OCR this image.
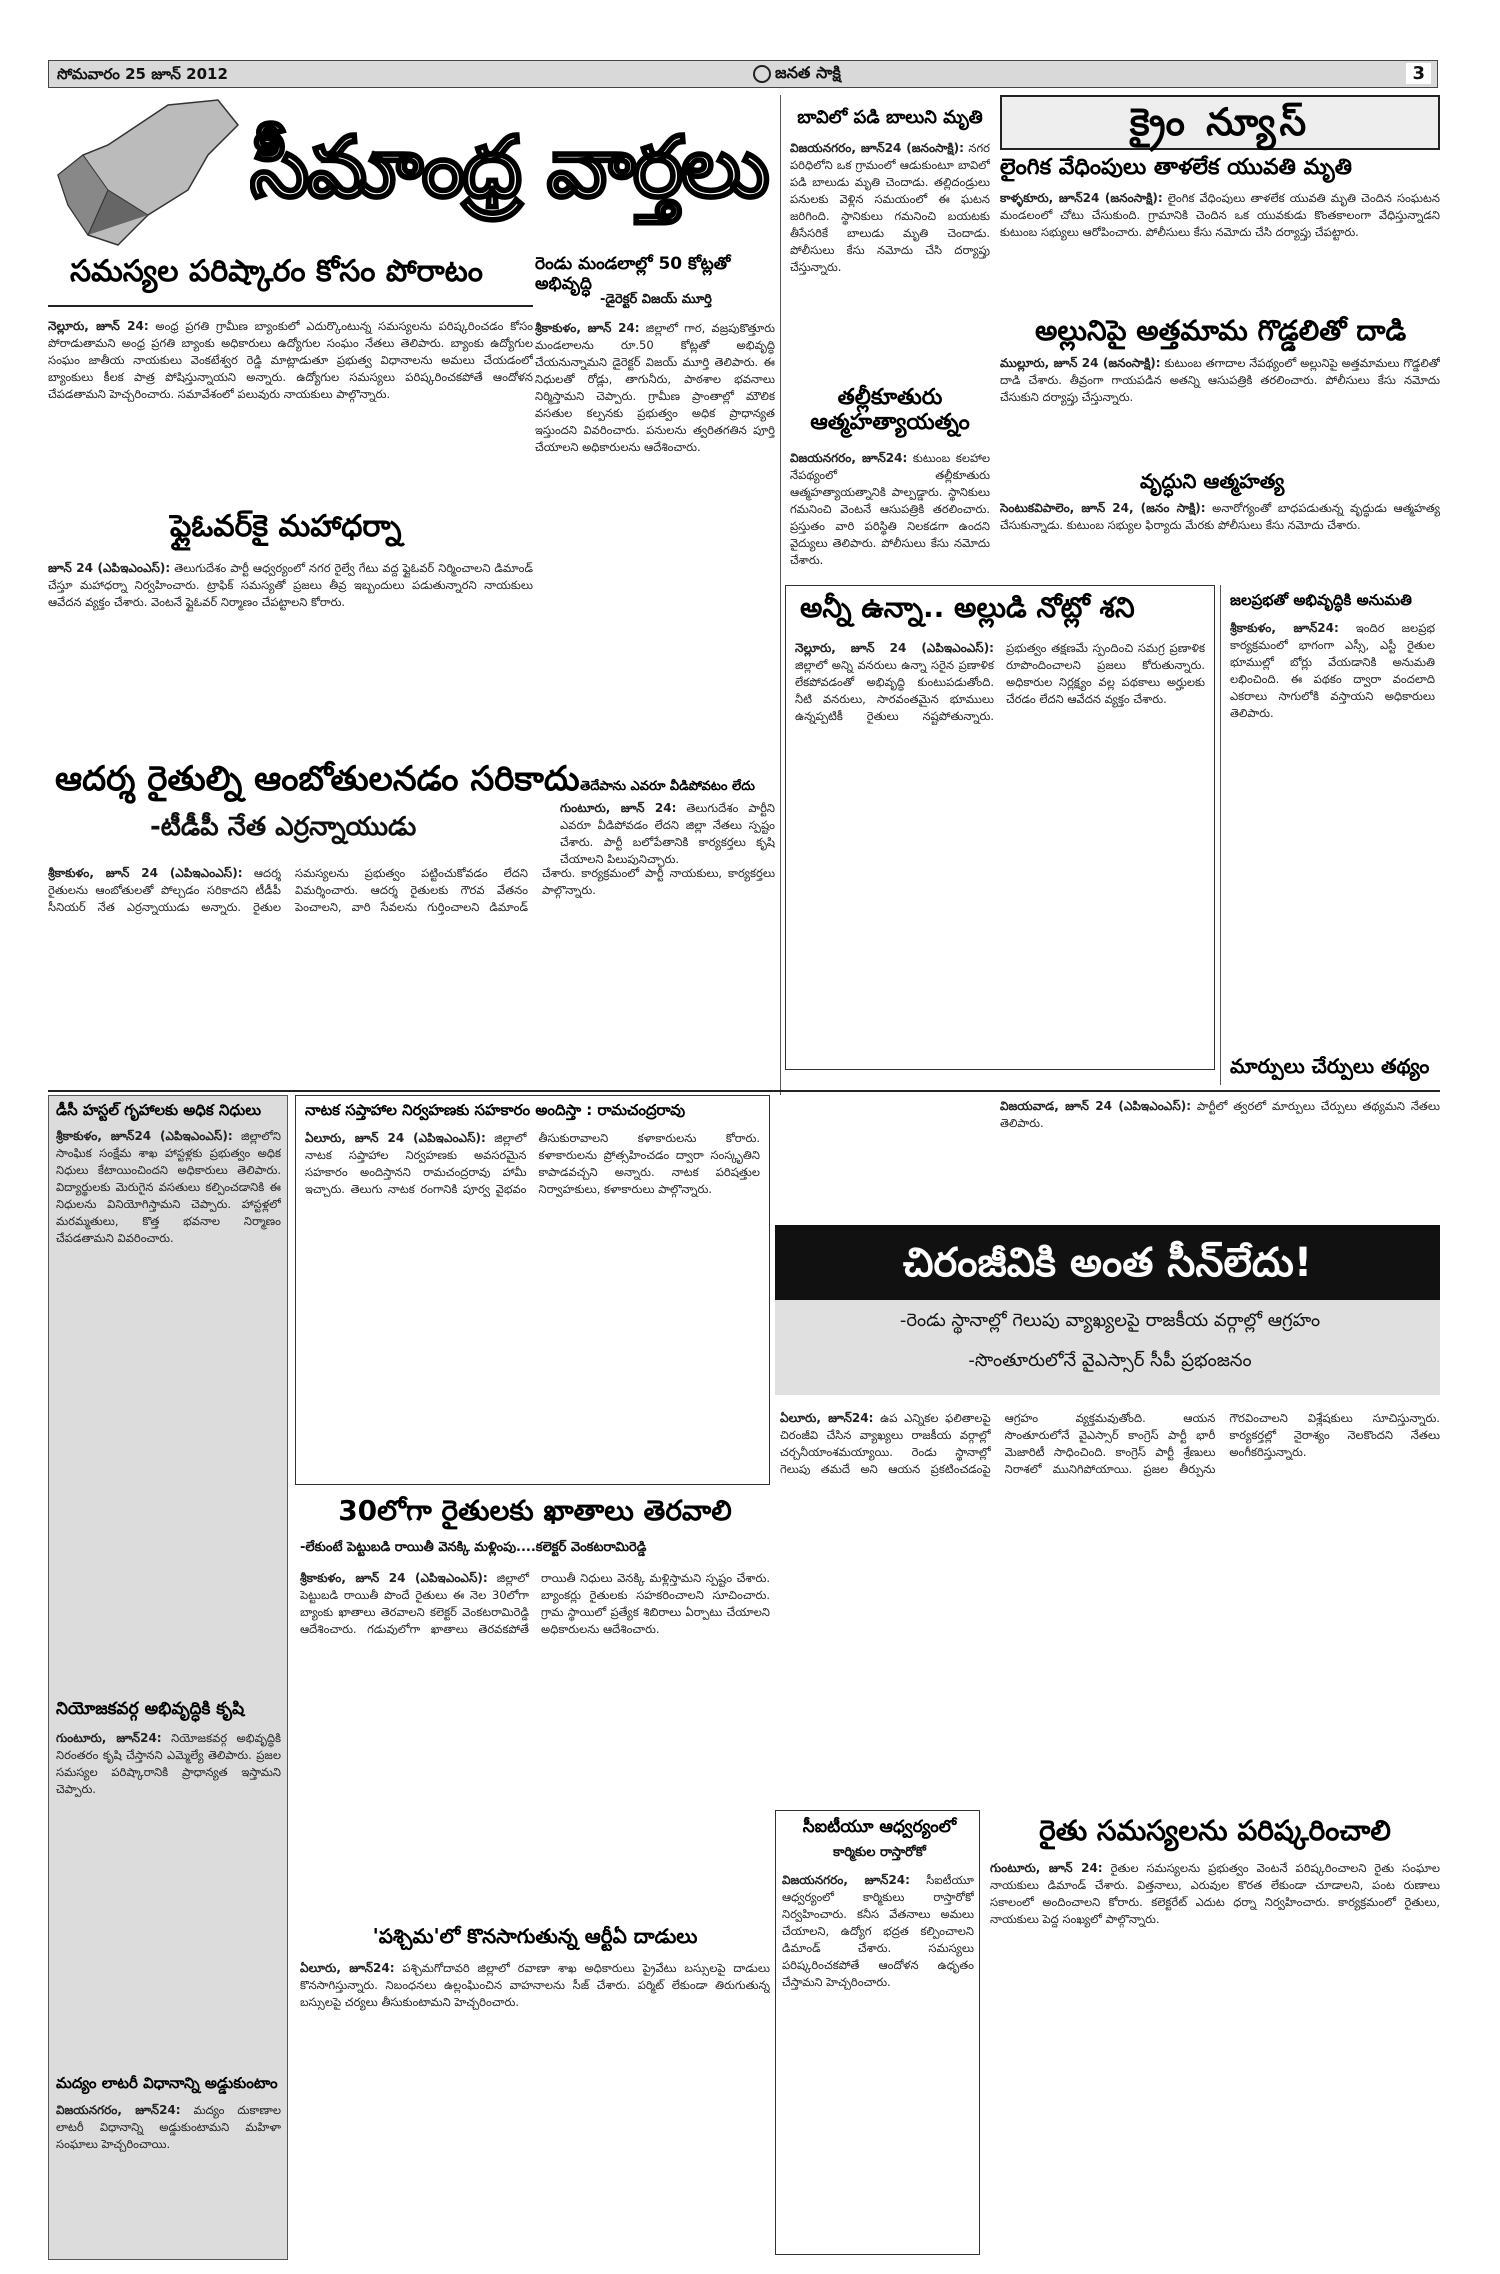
సోమవారం 25 జూన్ 2012	జనత సాక్షి	3
సీమాంధ్ర వార్తలు
సమస్యల పరిష్కారం కోసం పోరాటం
నెల్లూరు, జూన్ 24: అంధ్ర ప్రగతి గ్రామీణ బ్యాంకులో ఎదుర్కొంటున్న సమస్యలను పరిష్కరించడం కోసం పోరాడుతామని అంధ్ర ప్రగతి బ్యాంకు అధికారులు ఉద్యోగుల సంఘం నేతలు తెలిపారు. బ్యాంకు ఉద్యోగుల సంఘం జాతీయ నాయకులు వెంకటేశ్వర రెడ్డి మాట్లాడుతూ ప్రభుత్వ విధానాలను అమలు చేయడంలో బ్యాంకులు కీలక పాత్ర పోషిస్తున్నాయని అన్నారు. ఉద్యోగుల సమస్యలు పరిష్కరించకపోతే ఆందోళన చేపడతామని హెచ్చరించారు. సమావేశంలో పలువురు నాయకులు పాల్గొన్నారు.
రెండు మండలాల్లో 50 కోట్లతో అభివృద్ధి
-డైరెక్టర్ విజయ్ మూర్తి
శ్రీకాకుళం, జూన్ 24: జిల్లాలో గార, వజ్రపుకొత్తూరు మండలాలను రూ.50 కోట్లతో అభివృద్ధి చేయనున్నామని డైరెక్టర్ విజయ్ మూర్తి తెలిపారు. ఈ నిధులతో రోడ్లు, తాగునీరు, పాఠశాల భవనాలు నిర్మిస్తామని చెప్పారు. గ్రామీణ ప్రాంతాల్లో మౌలిక వసతుల కల్పనకు ప్రభుత్వం అధిక ప్రాధాన్యత ఇస్తుందని వివరించారు. పనులను త్వరితగతిన పూర్తి చేయాలని అధికారులను ఆదేశించారు.
ఫ్లైఓవర్‌కై మహాధర్నా
జూన్ 24 (ఎపిఇఎంఎస్): తెలుగుదేశం పార్టీ ఆధ్వర్యంలో నగర రైల్వే గేటు వద్ద ఫ్లైఓవర్ నిర్మించాలని డిమాండ్ చేస్తూ మహాధర్నా నిర్వహించారు. ట్రాఫిక్ సమస్యతో ప్రజలు తీవ్ర ఇబ్బందులు పడుతున్నారని నాయకులు ఆవేదన వ్యక్తం చేశారు. వెంటనే ఫ్లైఓవర్ నిర్మాణం చేపట్టాలని కోరారు.
ఆదర్శ రైతుల్ని ఆంబోతులనడం సరికాదు
-టీడీపీ నేత ఎర్రన్నాయుడు
శ్రీకాకుళం, జూన్ 24 (ఎపిఇఎంఎస్): ఆదర్శ రైతులను ఆంబోతులతో పోల్చడం సరికాదని టీడీపీ సీనియర్ నేత ఎర్రన్నాయుడు అన్నారు. రైతుల సమస్యలను ప్రభుత్వం పట్టించుకోవడం లేదని విమర్శించారు. ఆదర్శ రైతులకు గౌరవ వేతనం పెంచాలని, వారి సేవలను గుర్తించాలని డిమాండ్ చేశారు. కార్యక్రమంలో పార్టీ నాయకులు, కార్యకర్తలు పాల్గొన్నారు.
బావిలో పడి బాలుని మృతి
విజయనగరం, జూన్24 (జనంసాక్షి): నగర పరిధిలోని ఒక గ్రామంలో ఆడుకుంటూ బావిలో పడి బాలుడు మృతి చెందాడు. తల్లిదండ్రులు పనులకు వెళ్లిన సమయంలో ఈ ఘటన జరిగింది. స్థానికులు గమనించి బయటకు తీసేసరికే బాలుడు మృతి చెందాడు. పోలీసులు కేసు నమోదు చేసి దర్యాప్తు చేస్తున్నారు.
తల్లీకూతురు ఆత్మహత్యాయత్నం
విజయనగరం, జూన్24: కుటుంబ కలహాల నేపథ్యంలో తల్లీకూతురు ఆత్మహత్యాయత్నానికి పాల్పడ్డారు. స్థానికులు గమనించి వెంటనే ఆసుపత్రికి తరలించారు. ప్రస్తుతం వారి పరిస్థితి నిలకడగా ఉందని వైద్యులు తెలిపారు. పోలీసులు కేసు నమోదు చేశారు.
తెదేపాను ఎవరూ వీడిపోవటం లేదు
గుంటూరు, జూన్ 24: తెలుగుదేశం పార్టీని ఎవరూ వీడిపోవడం లేదని జిల్లా నేతలు స్పష్టం చేశారు. పార్టీ బలోపేతానికి కార్యకర్తలు కృషి చేయాలని పిలుపునిచ్చారు.
క్రైం న్యూస్
లైంగిక వేధింపులు తాళలేక యువతి మృతి
కాళ్ళకూరు, జూన్24 (జనంసాక్షి): లైంగిక వేధింపులు తాళలేక యువతి మృతి చెందిన సంఘటన మండలంలో చోటు చేసుకుంది. గ్రామానికి చెందిన ఒక యువకుడు కొంతకాలంగా వేధిస్తున్నాడని కుటుంబ సభ్యులు ఆరోపించారు. పోలీసులు కేసు నమోదు చేసి దర్యాప్తు చేపట్టారు.
అల్లునిపై అత్తమామ గొడ్డలితో దాడి
ముల్లూరు, జూన్ 24 (జనంసాక్షి): కుటుంబ తగాదాల నేపథ్యంలో అల్లునిపై అత్తమామలు గొడ్డలితో దాడి చేశారు. తీవ్రంగా గాయపడిన అతన్ని ఆసుపత్రికి తరలించారు. పోలీసులు కేసు నమోదు చేసుకుని దర్యాప్తు చేస్తున్నారు.
వృద్ధుని ఆత్మహత్య
సెంటుకవిపాలెం, జూన్ 24, (జనం సాక్షి): అనారోగ్యంతో బాధపడుతున్న వృద్ధుడు ఆత్మహత్య చేసుకున్నాడు. కుటుంబ సభ్యుల ఫిర్యాదు మేరకు పోలీసులు కేసు నమోదు చేశారు.
అన్నీ ఉన్నా.. అల్లుడి నోట్లో శని
నెల్లూరు, జూన్ 24 (ఎపిఇఎంఎస్): జిల్లాలో అన్ని వనరులు ఉన్నా సరైన ప్రణాళిక లేకపోవడంతో అభివృద్ధి కుంటుపడుతోంది. నీటి వనరులు, సారవంతమైన భూములు ఉన్నప్పటికీ రైతులు నష్టపోతున్నారు. ప్రభుత్వం తక్షణమే స్పందించి సమగ్ర ప్రణాళిక రూపొందించాలని ప్రజలు కోరుతున్నారు. అధికారుల నిర్లక్ష్యం వల్ల పథకాలు అర్హులకు చేరడం లేదని ఆవేదన వ్యక్తం చేశారు.
జలప్రభతో అభివృద్ధికి అనుమతి
శ్రీకాకుళం, జూన్24: ఇందిర జలప్రభ కార్యక్రమంలో భాగంగా ఎస్సీ, ఎస్టీ రైతుల భూముల్లో బోర్లు వేయడానికి అనుమతి లభించింది. ఈ పథకం ద్వారా వందలాది ఎకరాలు సాగులోకి వస్తాయని అధికారులు తెలిపారు.
మార్పులు చేర్పులు తథ్యం
విజయవాడ, జూన్ 24 (ఎపిఇఎంఎస్): పార్టీలో త్వరలో మార్పులు చేర్పులు తథ్యమని నేతలు తెలిపారు.
డీసీ హస్టల్ గృహాలకు అధిక నిధులు
శ్రీకాకుళం, జూన్24 (ఎపిఇఎంఎస్): జిల్లాలోని సాంఘిక సంక్షేమ శాఖ హాస్టళ్లకు ప్రభుత్వం అధిక నిధులు కేటాయించిందని అధికారులు తెలిపారు. విద్యార్థులకు మెరుగైన వసతులు కల్పించడానికి ఈ నిధులను వినియోగిస్తామని చెప్పారు. హాస్టళ్లలో మరమ్మతులు, కొత్త భవనాల నిర్మాణం చేపడతామని వివరించారు.
నియోజకవర్గ అభివృద్ధికి కృషి
గుంటూరు, జూన్24: నియోజకవర్గ అభివృద్ధికి నిరంతరం కృషి చేస్తానని ఎమ్మెల్యే తెలిపారు. ప్రజల సమస్యల పరిష్కారానికి ప్రాధాన్యత ఇస్తామని చెప్పారు.
మద్యం లాటరీ విధానాన్ని అడ్డుకుంటాం
విజయనగరం, జూన్24: మద్యం దుకాణాల లాటరీ విధానాన్ని అడ్డుకుంటామని మహిళా సంఘాలు హెచ్చరించాయి.
నాటక సప్తాహాల నిర్వహణకు సహకారం అందిస్తా : రామచంద్రరావు
ఏలూరు, జూన్ 24 (ఎపిఇఎంఎస్): జిల్లాలో నాటక సప్తాహాల నిర్వహణకు అవసరమైన సహకారం అందిస్తానని రామచంద్రరావు హామీ ఇచ్చారు. తెలుగు నాటక రంగానికి పూర్వ వైభవం తీసుకురావాలని కళాకారులను కోరారు. కళాకారులను ప్రోత్సహించడం ద్వారా సంస్కృతిని కాపాడవచ్చని అన్నారు. నాటక పరిషత్తుల నిర్వాహకులు, కళాకారులు పాల్గొన్నారు.
30లోగా రైతులకు ఖాతాలు తెరవాలి
-లేకుంటే పెట్టుబడి రాయితీ వెనక్కి మళ్లింపు....కలెక్టర్ వెంకటరామిరెడ్డి
శ్రీకాకుళం, జూన్ 24 (ఎపిఇఎంఎస్): జిల్లాలో పెట్టుబడి రాయితీ పొందే రైతులు ఈ నెల 30లోగా బ్యాంకు ఖాతాలు తెరవాలని కలెక్టర్ వెంకటరామిరెడ్డి ఆదేశించారు. గడువులోగా ఖాతాలు తెరవకపోతే రాయితీ నిధులు వెనక్కి మళ్లిస్తామని స్పష్టం చేశారు. బ్యాంకర్లు రైతులకు సహకరించాలని సూచించారు. గ్రామ స్థాయిలో ప్రత్యేక శిబిరాలు ఏర్పాటు చేయాలని అధికారులను ఆదేశించారు.
'పశ్చిమ'లో కొనసాగుతున్న ఆర్టీఏ దాడులు
ఏలూరు, జూన్24: పశ్చిమగోదావరి జిల్లాలో రవాణా శాఖ అధికారులు ప్రైవేటు బస్సులపై దాడులు కొనసాగిస్తున్నారు. నిబంధనలు ఉల్లంఘించిన వాహనాలను సీజ్ చేశారు. పర్మిట్ లేకుండా తిరుగుతున్న బస్సులపై చర్యలు తీసుకుంటామని హెచ్చరించారు.
చిరంజీవికి అంత సీన్‌లేదు!
-రెండు స్థానాల్లో గెలుపు వ్యాఖ్యలపై రాజకీయ వర్గాల్లో ఆగ్రహం
-సొంతూరులోనే వైఎస్సార్ సీపీ ప్రభంజనం
ఏలూరు, జూన్24: ఉప ఎన్నికల ఫలితాలపై చిరంజీవి చేసిన వ్యాఖ్యలు రాజకీయ వర్గాల్లో చర్చనీయాంశమయ్యాయి. రెండు స్థానాల్లో గెలుపు తమదే అని ఆయన ప్రకటించడంపై ఆగ్రహం వ్యక్తమవుతోంది. ఆయన సొంతూరులోనే వైఎస్సార్ కాంగ్రెస్ పార్టీ భారీ మెజారిటీ సాధించింది. కాంగ్రెస్ పార్టీ శ్రేణులు నిరాశలో మునిగిపోయాయి. ప్రజల తీర్పును గౌరవించాలని విశ్లేషకులు సూచిస్తున్నారు. కార్యకర్తల్లో నైరాశ్యం నెలకొందని నేతలు అంగీకరిస్తున్నారు.
సీఐటీయూ ఆధ్వర్యంలో
కార్మికుల రాస్తారోకో
విజయనగరం, జూన్24: సీఐటీయూ ఆధ్వర్యంలో కార్మికులు రాస్తారోకో నిర్వహించారు. కనీస వేతనాలు అమలు చేయాలని, ఉద్యోగ భద్రత కల్పించాలని డిమాండ్ చేశారు. సమస్యలు పరిష్కరించకపోతే ఆందోళన ఉధృతం చేస్తామని హెచ్చరించారు.
రైతు సమస్యలను పరిష్కరించాలి
గుంటూరు, జూన్ 24: రైతుల సమస్యలను ప్రభుత్వం వెంటనే పరిష్కరించాలని రైతు సంఘాల నాయకులు డిమాండ్ చేశారు. విత్తనాలు, ఎరువుల కొరత లేకుండా చూడాలని, పంట రుణాలు సకాలంలో అందించాలని కోరారు. కలెక్టరేట్ ఎదుట ధర్నా నిర్వహించారు. కార్యక్రమంలో రైతులు, నాయకులు పెద్ద సంఖ్యలో పాల్గొన్నారు.
